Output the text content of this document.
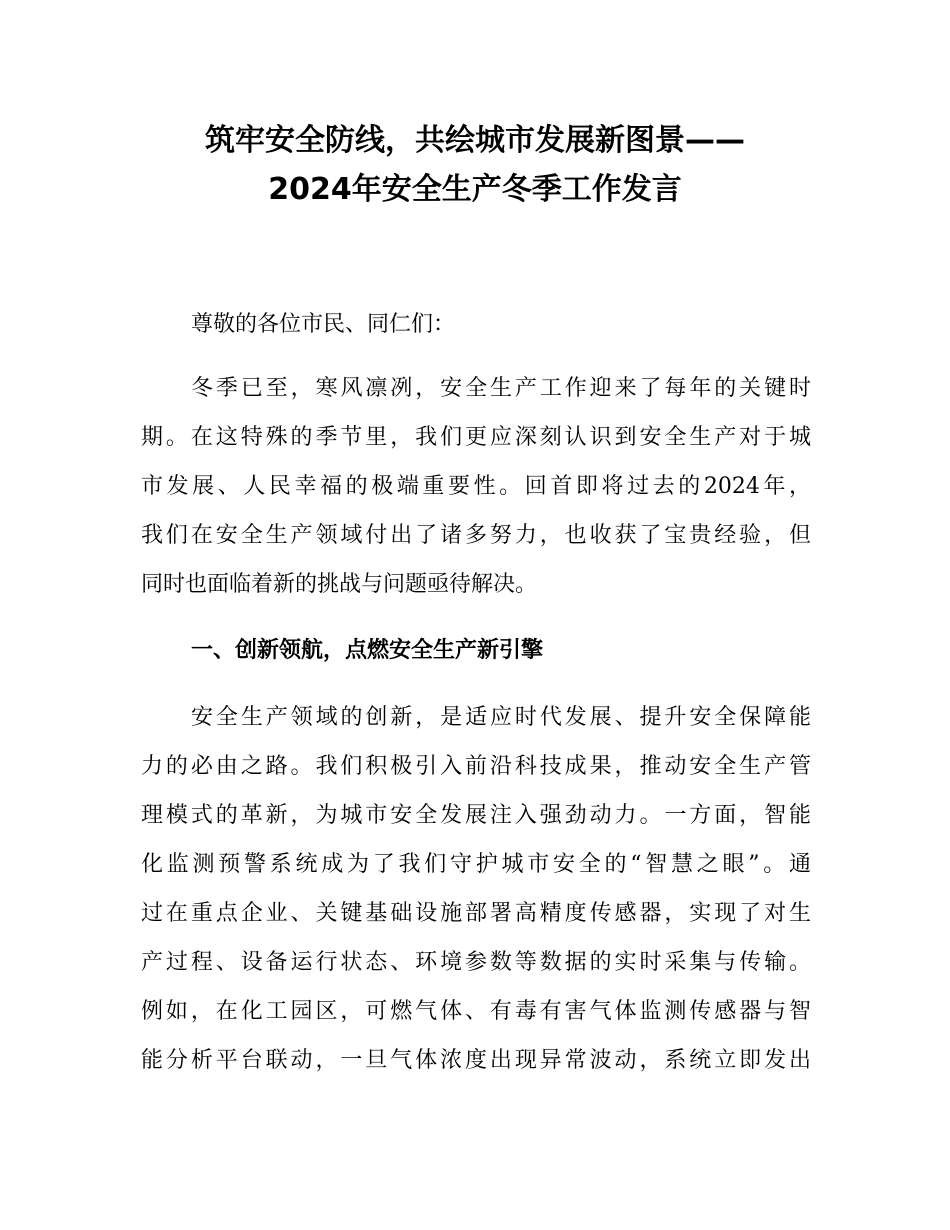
筑牢安全防线，共绘城市发展新图景——
2024年安全生产冬季工作发言
尊敬的各位市民、同仁们：
冬季已至，寒风凛冽，安全生产工作迎来了每年的关键时
期。在这特殊的季节里，我们更应深刻认识到安全生产对于城
市发展、人民幸福的极端重要性。回首即将过去的2024年，
我们在安全生产领域付出了诸多努力，也收获了宝贵经验，但
同时也面临着新的挑战与问题亟待解决。
一、创新领航，点燃安全生产新引擎
安全生产领域的创新，是适应时代发展、提升安全保障能
力的必由之路。我们积极引入前沿科技成果，推动安全生产管
理模式的革新，为城市安全发展注入强劲动力。一方面，智能
化监测预警系统成为了我们守护城市安全的“智慧之眼”。通
过在重点企业、关键基础设施部署高精度传感器，实现了对生
产过程、设备运行状态、环境参数等数据的实时采集与传输。
例如，在化工园区，可燃气体、有毒有害气体监测传感器与智
能分析平台联动，一旦气体浓度出现异常波动，系统立即发出
